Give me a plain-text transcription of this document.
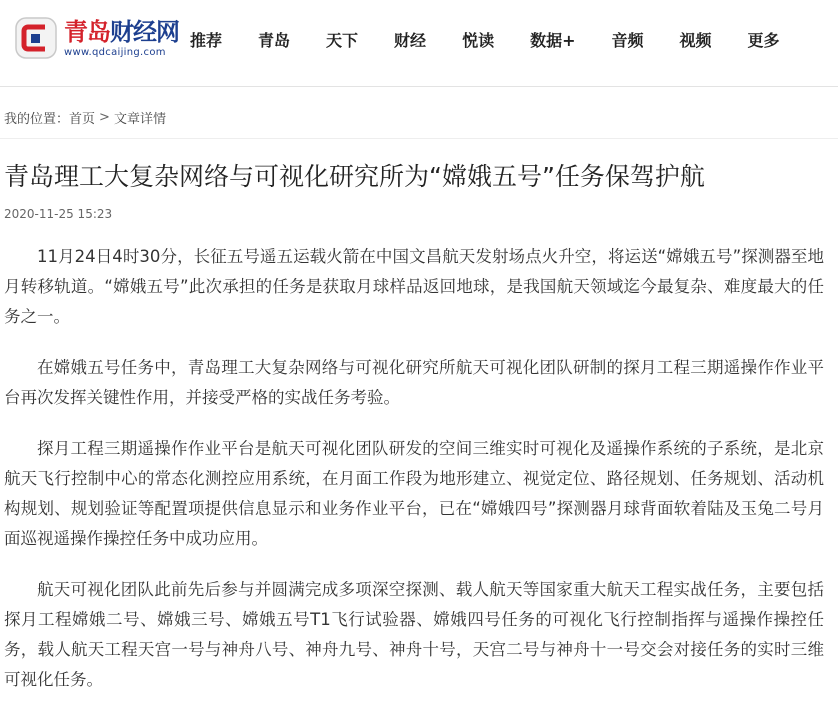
青岛财经网
www.qdcaijing.com
推荐 青岛 天下 财经 悦读 数据+ 音频 视频 更多
我的位置： 首页 > 文章详情
青岛理工大复杂网络与可视化研究所为“嫦娥五号”任务保驾护航
2020-11-25 15:23

11月24日4时30分，长征五号遥五运载火箭在中国文昌航天发射场点火升空，将运送“嫦娥五号”探测器至地月转移轨道。“嫦娥五号”此次承担的任务是获取月球样品返回地球，是我国航天领域迄今最复杂、难度最大的任务之一。

在嫦娥五号任务中，青岛理工大复杂网络与可视化研究所航天可视化团队研制的探月工程三期遥操作作业平台再次发挥关键性作用，并接受严格的实战任务考验。

探月工程三期遥操作作业平台是航天可视化团队研发的空间三维实时可视化及遥操作系统的子系统，是北京航天飞行控制中心的常态化测控应用系统，在月面工作段为地形建立、视觉定位、路径规划、任务规划、活动机构规划、规划验证等配置项提供信息显示和业务作业平台，已在“嫦娥四号”探测器月球背面软着陆及玉兔二号月面巡视遥操作操控任务中成功应用。

航天可视化团队此前先后参与并圆满完成多项深空探测、载人航天等国家重大航天工程实战任务，主要包括探月工程嫦娥二号、嫦娥三号、嫦娥五号T1飞行试验器、嫦娥四号任务的可视化飞行控制指挥与遥操作操控任务，载人航天工程天宫一号与神舟八号、神舟九号、神舟十号，天宫二号与神舟十一号交会对接任务的实时三维可视化任务。
